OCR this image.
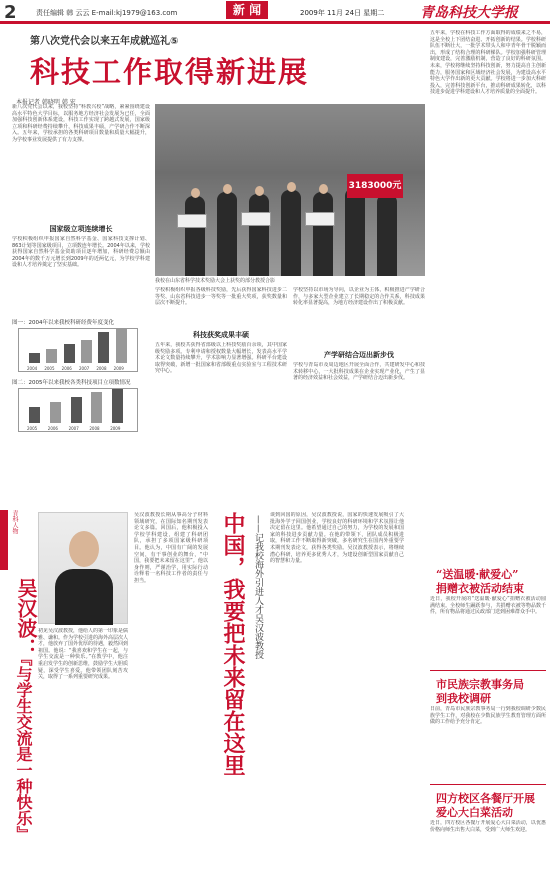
2	责任编辑 韩 云云 E-mail:kj1979@163.com	新 闻	2009年 11月 24日 星期二	青岛科技大学报
第八次党代会以来五年成就巡礼⑤
科技工作取得新进展
本报记者 韩晓明 韩 宏
新八次党代会以来，我校坚持“科教兴校”战略，紧紧围绕建设高水平特色大学目标，以服务地方经济社会发展为已任，全面加强科技创新体系建设，科技工作实现了跨越式发展，国家级立项和科研经费持续攀升，科技成果丰硕，产学研合作不断深入。五年来，学校承担的各类科研项目数量和质量大幅提升，为学校事业发展提供了有力支撑。
国家级立项连续增长
学校积极组织申报国家自然科学基金、国家科技支撑计划、863计划等国家级项目，立项数连年增长。2004年以来，学校获得国家自然科学基金资助项目逐年增加，科研经费总额由2004年的数千万元增长到2009年的近两亿元，为学校学科建设和人才培养奠定了坚实基础。
图一：2004年以来我校科研经费年度变化
2004 2005 2006 2007 2008 2009
图二：2005年以来我校各类科技项目立项数情况
2005	2006	2007	2008	2009
3183000元
我校在山东省科学技术奖励大会上获奖的部分教授合影
学校积极组织申报各级科技奖励，先后获得国家科技进步二等奖、山东省科技进步一等奖等一批重大奖项，获奖数量和层次不断提升。
科技获奖成果丰硕
五年来，我校共获得省部级以上科技奖励百余项，其中国家级奖励多项。专利申请和授权数量大幅增长，发表高水平学术论文数量持续攀升，学术影响力显著增强。科研平台建设取得突破，新增一批国家和省部级重点实验室与工程技术研究中心。
学校坚持以市场为导向，以企业为主体，积极推进产学研合作，与多家大型企业建立了长期稳定的合作关系，科技成果转化率显著提高，为地方经济建设作出了积极贡献。
产学研结合迈出新步伐
学校与青岛市及周边地区开展全面合作，共建研发中心和技术转移中心，一大批科技成果在企业实现产业化，产生了显著的经济效益和社会效益，产学研结合迈出新步伐。
五年来，学校在科技工作方面取得的成绩来之不易，这是全校上下团结奋进、开拓创新的结果。学校科研队伍不断壮大，一批学术带头人和中青年骨干脱颖而出，形成了结构合理的科研梯队。学校加强科研管理制度建设，完善激励机制，营造了良好的科研氛围。未来，学校将继续坚持科技创新，努力提高自主创新能力，服务国家和区域经济社会发展，为建设高水平特色大学作出新的更大贡献。学校将进一步加大科研投入，完善科技创新平台，推动科研成果转化，以科技进步促进学科建设和人才培养质量的全面提升。
青科人物
吴汉波：
『与学生交流是一种快乐』
初见吴汉波教授，他给人的第一印象是儒雅、谦和。作为学校引进的海外高层次人才，他放弃了国外优厚的待遇，毅然回到祖国。他说：“我喜欢和学生在一起，与学生交流是一种快乐。”在教学中，他注重启发学生的创新思维，鼓励学生大胆质疑，深受学生喜爱。他带领团队刻苦攻关，取得了一系列重要研究成果。
吴汉波教授长期从事高分子材料领域研究，在国际知名期刊发表论文多篇。回国后，他积极投入学校学科建设，组建了科研团队，承担了多项国家级科研项目。他认为，中国有广阔的发展空间，有干事创业的舞台，“中国，我要把未来留在这里”。他以身作则，严谨治学，用实际行动诠释着一名科技工作者的责任与担当。	中国，我要把未来留在这里 ——记我校海外引进人才吴汉波教授	谈到回国的原因，吴汉波教授说，国家的快速发展吸引了大批海外学子回国创业，学校良好的科研环境和学术氛围让他决定留在这里。他希望通过自己的努力，为学校的发展和国家的科技进步贡献力量。在他的带领下，团队成员积极进取，科研工作不断取得新突破，多名研究生在国内外重要学术期刊发表论文，获得各类奖励。吴汉波教授表示，将继续潜心科研，培养更多优秀人才，为建设创新型国家贡献自己的智慧和力量。
“送温暖·献爱心”
捐赠衣被活动结束
近日，我校开展的“送温暖·献爱心”捐赠衣被活动圆满结束。全校师生踊跃参与，共捐赠衣被等物品数千件，所有物品将通过民政部门送到困难群众手中。
市民族宗教事务局
到我校调研
日前，青岛市民族宗教事务局一行到我校调研少数民族学生工作，对我校在少数民族学生教育管理方面所做的工作给予充分肯定。
四方校区各餐厅开展
爱心大白菜活动
近日，四方校区各餐厅开展爱心大白菜活动，以优惠价格向师生出售大白菜，受到广大师生欢迎。
